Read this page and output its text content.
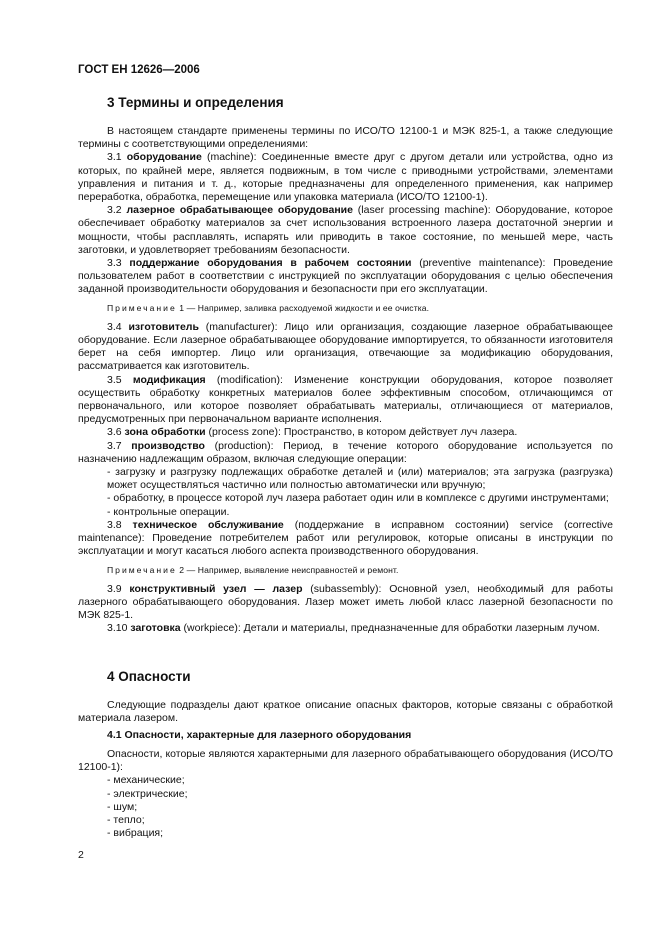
ГОСТ ЕН 12626—2006
3 Термины и определения

В настоящем стандарте применены термины по ИСО/ТО 12100-1 и МЭК 825-1, а также следующие термины с соответствующими определениями:

3.1 оборудование (machine): Соединенные вместе друг с другом детали или устройства, одно из которых, по крайней мере, является подвижным, в том числе с приводными устройствами, элементами управления и питания и т. д., которые предназначены для определенного применения, как например переработка, обработка, перемещение или упаковка материала (ИСО/ТО 12100-1).

3.2 лазерное обрабатывающее оборудование (laser processing machine): Оборудование, которое обеспечивает обработку материалов за счет использования встроенного лазера достаточной энергии и мощности, чтобы расплавлять, испарять или приводить в такое состояние, по меньшей мере, часть заготовки, и удовлетворяет требованиям безопасности.

3.3 поддержание оборудования в рабочем состоянии (preventive maintenance): Проведение пользователем работ в соответствии с инструкцией по эксплуатации оборудования с целью обеспечения заданной производительности оборудования и безопасности при его эксплуатации.

Примечание 1 — Например, заливка расходуемой жидкости и ее очистка.

3.4 изготовитель (manufacturer): Лицо или организация, создающие лазерное обрабатывающее оборудование. Если лазерное обрабатывающее оборудование импортируется, то обязанности изготовителя берет на себя импортер. Лицо или организация, отвечающие за модификацию оборудования, рассматривается как изготовитель.

3.5 модификация (modification): Изменение конструкции оборудования, которое позволяет осуществить обработку конкретных материалов более эффективным способом, отличающимся от первоначального, или которое позволяет обрабатывать материалы, отличающиеся от материалов, предусмотренных при первоначальном варианте исполнения.

3.6 зона обработки (process zone): Пространство, в котором действует луч лазера.

3.7 производство (production): Период, в течение которого оборудование используется по назначению надлежащим образом, включая следующие операции:

- загрузку и разгрузку подлежащих обработке деталей и (или) материалов; эта загрузка (разгрузка) может осуществляться частично или полностью автоматически или вручную;

- обработку, в процессе которой луч лазера работает один или в комплексе с другими инструментами;

- контрольные операции.

3.8 техническое обслуживание (поддержание в исправном состоянии) service (corrective maintenance): Проведение потребителем работ или регулировок, которые описаны в инструкции по эксплуатации и могут касаться любого аспекта производственного оборудования.

Примечание 2 — Например, выявление неисправностей и ремонт.

3.9 конструктивный узел — лазер (subassembly): Основной узел, необходимый для работы лазерного обрабатывающего оборудования. Лазер может иметь любой класс лазерной безопасности по МЭК 825-1.

3.10 заготовка (workpiece): Детали и материалы, предназначенные для обработки лазерным лучом.

4 Опасности

Следующие подразделы дают краткое описание опасных факторов, которые связаны с обработкой материала лазером.

4.1 Опасности, характерные для лазерного оборудования

Опасности, которые являются характерными для лазерного обрабатывающего оборудования (ИСО/ТО 12100-1):

- механические;

- электрические;

- шум;

- тепло;

- вибрация;

2
